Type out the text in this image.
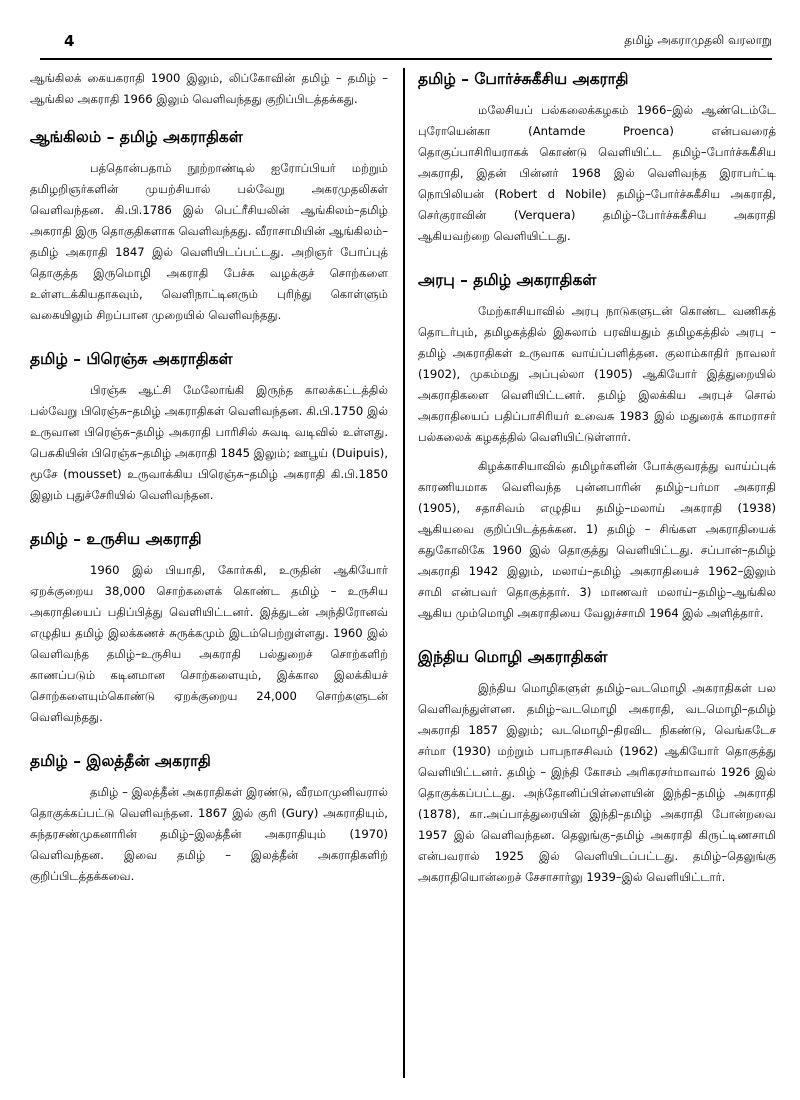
4	தமிழ் அகராமுதலி வரலாறு

ஆங்கிலக் கையகராதி 1900 இலும், லிப்கோவின் தமிழ் – தமிழ் – ஆங்கில அகராதி 1966 இலும் வெளிவந்தது குறிப்பிடத்தக்கது.

ஆங்கிலம் – தமிழ் அகராதிகள்

பத்தொன்பதாம் நூற்றாண்டில் ஐரோப்பியர் மற்றும் தமிழறிஞர்களின் முயற்சியால் பல்வேறு அகரமுதலிகள் வெளிவந்தன. கி.பி.1786 இல் பெட்ரீசியலின் ஆங்கிலம்–தமிழ் அகராதி இரு தொகுதிகளாக வெளிவந்தது. வீராசாமியின் ஆங்கிலம்–தமிழ் அகராதி 1847 இல் வெளியிடப்பட்டது. அறிஞர் போப்புத் தொகுத்த இருமொழி அகராதி பேச்சு வழக்குச் சொற்களை உள்ளடக்கியதாகவும், வெளிநாட்டினரும் புரிந்து கொள்ளும் வகையிலும் சிறப்பான முறையில் வெளிவந்தது.

தமிழ் – பிரெஞ்சு அகராதிகள்

பிரஞ்சு ஆட்சி மேலோங்கி இருந்த காலக்கட்டத்தில் பல்வேறு பிரெஞ்சு–தமிழ் அகராதிகள் வெளிவந்தன. கி.பி.1750 இல் உருவான பிரெஞ்சு–தமிழ் அகராதி பாரிசில் சுவடி வடிவில் உள்ளது. பெசுகியின் பிரெஞ்சு–தமிழ் அகராதி 1845 இலும்; ஊபூய் (Duipuis), மூசே (mousset) உருவாக்கிய பிரெஞ்சு–தமிழ் அகராதி கி.பி.1850 இலும் புதுச்சேரியில் வெளிவந்தன.

தமிழ் – உருசிய அகராதி

1960 இல் பியாதி, கோர்சுகி, உருதின் ஆகியோர் ஏறக்குறைய 38,000 சொற்களைக் கொண்ட தமிழ் – உருசிய அகராதியைப் பதிப்பித்து வெளியிட்டனர். இத்துடன் அந்திரோனவ் எழுதிய தமிழ் இலக்கணச் சுருக்கமும் இடம்பெற்றுள்ளது. 1960 இல் வெளிவந்த தமிழ்–உருசிய அகராதி பல்துறைச் சொற்களிற் காணப்படும் கடினமான சொற்களையும், இக்கால இலக்கியச் சொற்களையும்கொண்டு ஏறக்குறைய 24,000 சொற்களுடன் வெளிவந்தது.

தமிழ் – இலத்தீன் அகராதி

தமிழ் – இலத்தீன் அகராதிகள் இரண்டு, வீரமாமுனிவரால் தொகுக்கப்பட்டு வெளிவந்தன. 1867 இல் குரி (Gury) அகராதியும், சுந்தரசண்முகனாரின் தமிழ்–இலத்தீன் அகராதியும் (1970) வெளிவந்தன. இவை தமிழ் – இலத்தீன் அகராதிகளிற் குறிப்பிடத்தக்கவை.

தமிழ் – போர்ச்சுகீசிய அகராதி

மலேசியப் பல்கலைக்கழகம் 1966–இல் ஆண்டெம்டே புரோயென்கா (Antamde Proenca) என்பவரைத் தொகுப்பாசிரியராகக் கொண்டு வெளியிட்ட தமிழ்–போர்ச்சுகீசிய அகராதி, இதன் பின்னர் 1968 இல் வெளிவந்த இராபர்ட்டி நொபிலியன் (Robert d Nobile) தமிழ்–போர்ச்சுகீசிய அகராதி, செர்குராவின் (Verquera) தமிழ்–போர்ச்சுகீசிய அகராதி ஆகியவற்றை வெளியிட்டது.

அரபு – தமிழ் அகராதிகள்

மேற்காசியாவில் அரபு நாடுகளுடன் கொண்ட வணிகத் தொடர்பும், தமிழகத்தில் இசுலாம் பரவியதும் தமிழகத்தில் அரபு – தமிழ் அகராதிகள் உருவாக வாய்ப்பளித்தன. குலாம்காதிர் நாவலர் (1902), முகம்மது அப்புல்லா (1905) ஆகியோர் இத்துறையில் அகராதிகளை வெளியிட்டனர். தமிழ் இலக்கிய அரபுச் சொல் அகராதியைப் பதிப்பாசிரியர் உவைசு 1983 இல் மதுரைக் காமராசர் பல்கலைக் கழகத்தில் வெளியிட்டுள்ளார்.

கிழக்காசியாவில் தமிழர்களின் போக்குவரத்து வாய்ப்புக் காரணியமாக வெளிவந்த புன்னபாரின் தமிழ்–பர்மா அகராதி (1905), சதாசிவம் எழுதிய தமிழ்–மலாய் அகராதி (1938) ஆகியவை குறிப்பிடத்தக்கன. 1) தமிழ் – சிங்கள அகராதியைக் கதுகோலிகே 1960 இல் தொகுத்து வெளியிட்டது. சப்பான்–தமிழ் அகராதி 1942 இலும், மலாய்–தமிழ் அகராதியைச் 1962–இலும் சாமி என்பவர் தொகுத்தார். 3) மாணவர் மலாய்–தமிழ்–ஆங்கில ஆகிய மும்மொழி அகராதியை வேலுச்சாமி 1964 இல் அளித்தார்.

இந்திய மொழி அகராதிகள்

இந்திய மொழிகளுள் தமிழ்–வடமொழி அகராதிகள் பல வெளிவந்துள்ளன. தமிழ்–வடமொழி அகராதி, வடமொழி–தமிழ் அகராதி 1857 இலும்; வடமொழி–திரவிட நிகண்டு, வெங்கடேச சர்மா (1930) மற்றும் பாபநாசசிவம் (1962) ஆகியோர் தொகுத்து வெளியிட்டனர். தமிழ் – இந்தி கோசம் அரிகரசர்மாவால் 1926 இல் தொகுக்கப்பட்டது. அந்தோனிப்பிள்ளையின் இந்தி–தமிழ் அகராதி (1878), கா.அப்பாத்துரையின் இந்தி–தமிழ் அகராதி போன்றவை 1957 இல் வெளிவந்தன. தெலுங்கு–தமிழ் அகராதி கிருட்டிணசாமி என்பவரால் 1925 இல் வெளியிடப்பட்டது. தமிழ்–தெலுங்கு அகராதியொன்றைச் சேசாசார்லு 1939–இல் வெளியிட்டார்.
